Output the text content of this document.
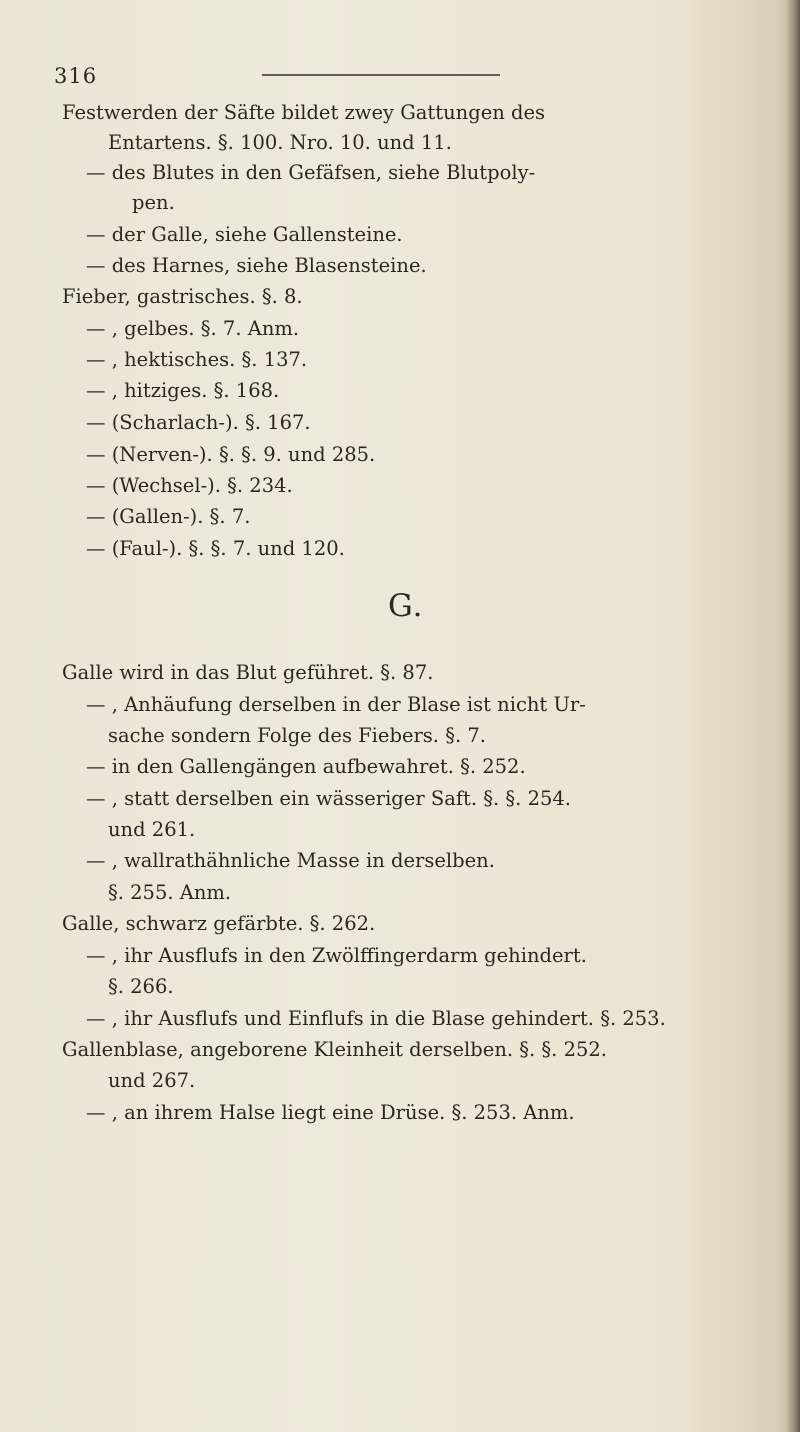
316
Festwerden der Säfte bildet zwey Gattungen des
Entartens. §. 100. Nro. 10. und 11.
— des Blutes in den Gefäfsen, siehe Blutpoly-
pen.
— der Galle, siehe Gallensteine.
— des Harnes, siehe Blasensteine.
Fieber, gastrisches. §. 8.
— , gelbes. §. 7. Anm.
— , hektisches. §. 137.
— , hitziges. §. 168.
— (Scharlach-). §. 167.
— (Nerven-). §. §. 9. und 285.
— (Wechsel-). §. 234.
— (Gallen-). §. 7.
— (Faul-). §. §. 7. und 120.
G.
Galle wird in das Blut geführet. §. 87.
— , Anhäufung derselben in der Blase ist nicht Ur-
sache sondern Folge des Fiebers. §. 7.
— in den Gallengängen aufbewahret. §. 252.
— , statt derselben ein wässeriger Saft. §. §. 254.
und 261.
— , wallrathähnliche Masse in derselben.
§. 255. Anm.
Galle, schwarz gefärbte. §. 262.
— , ihr Ausflufs in den Zwölffingerdarm gehindert.
§. 266.
— , ihr Ausflufs und Einflufs in die Blase gehindert. §. 253.
Gallenblase, angeborene Kleinheit derselben. §. §. 252.
und 267.
— , an ihrem Halse liegt eine Drüse. §. 253. Anm.
